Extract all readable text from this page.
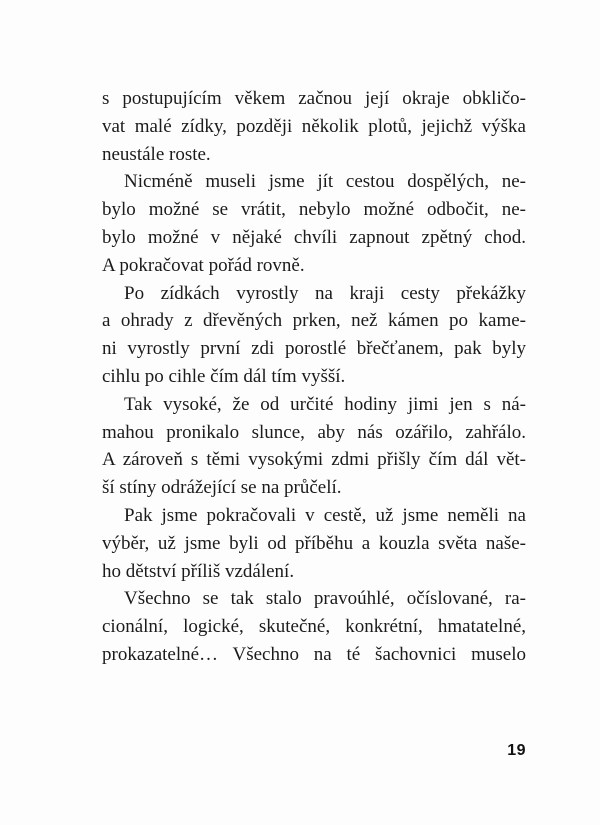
s postupujícím věkem začnou její okraje obkličo-
vat malé zídky, později několik plotů, jejichž výška
neustále roste.
Nicméně museli jsme jít cestou dospělých, ne-
bylo možné se vrátit, nebylo možné odbočit, ne-
bylo možné v nějaké chvíli zapnout zpětný chod.
A pokračovat pořád rovně.
Po zídkách vyrostly na kraji cesty překážky
a ohrady z dřevěných prken, než kámen po kame-
ni vyrostly první zdi porostlé břečťanem, pak byly
cihlu po cihle čím dál tím vyšší.
Tak vysoké, že od určité hodiny jimi jen s ná-
mahou pronikalo slunce, aby nás ozářilo, zahřálo.
A zároveň s těmi vysokými zdmi přišly čím dál vět-
ší stíny odrážející se na průčelí.
Pak jsme pokračovali v cestě, už jsme neměli na
výběr, už jsme byli od příběhu a kouzla světa naše-
ho dětství příliš vzdálení.
Všechno se tak stalo pravoúhlé, očíslované, ra-
cionální, logické, skutečné, konkrétní, hmatatelné,
prokazatelné… Všechno na té šachovnici muselo
19
